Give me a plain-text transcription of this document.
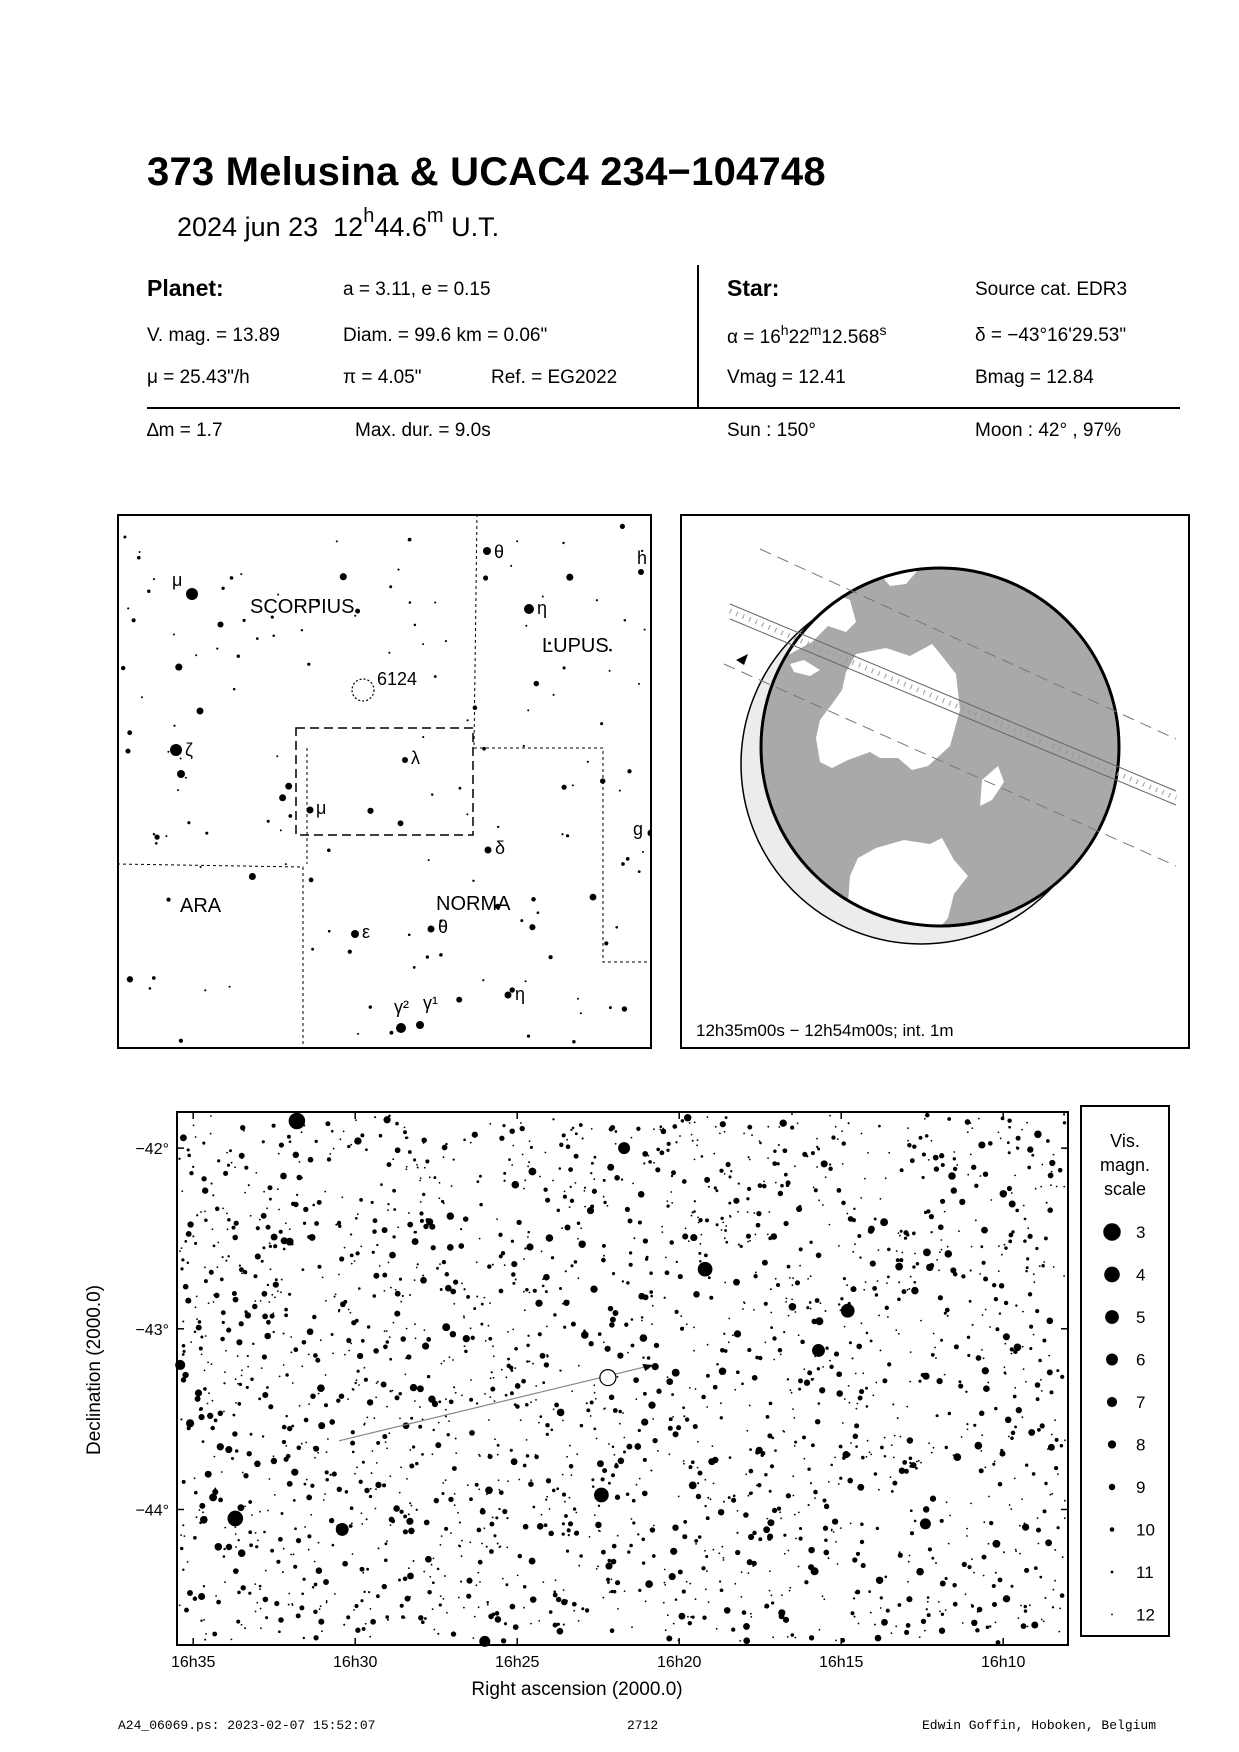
373 Melusina & UCAC4 234−104748
2024 jun 23 12$^h$44.6$^m$ U.T.
Planet:	a = 3.11, e = 0.15
V. mag. = 13.89	Diam. = 99.6 km = 0.06"
μ = 25.43"/h	π = 4.05"	Ref. = EG2022
Star:	Source cat. EDR3
$\alpha = 16^h22^m12.568^s$	δ = −43°16'29.53"
Vmag = 12.41	Bmag = 12.84
∆m = 1.7	Max. dur. = 9.0s	Sun : 150°	Moon : 42° , 97%
6124
SCORPIUS
LUPUS
ARA	NORMA
μ
θ	h
η
ζ	λ
μ
g
δ
ε	θ
η
γ² γ¹
12h35m00s − 12h54m00s; int. 1m
16h35	16h30	16h25	16h20	16h15	16h10
−42°
−43°
−44°
Right ascension (2000.0)
Declination (2000.0)
Vis.
magn.
scale
3
4
5
6
7
8
9
10
11
12
A24_06069.ps: 2023-02-07 15:52:07	2712	Edwin Goffin, Hoboken, Belgium
